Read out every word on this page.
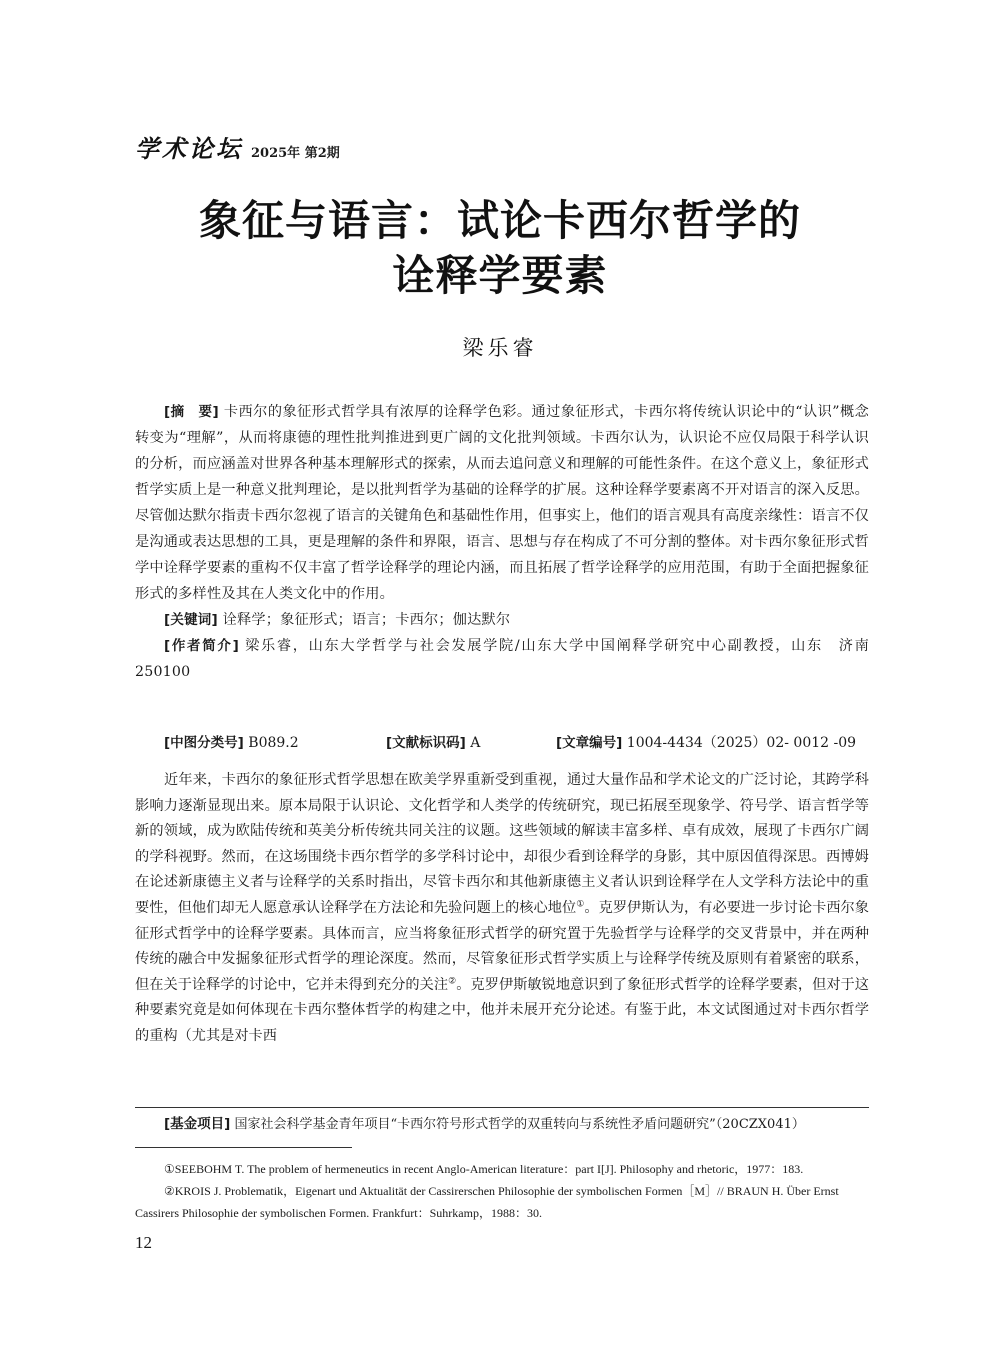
学术论坛 2025年 第2期
象征与语言：试论卡西尔哲学的
诠释学要素
梁乐睿

[摘　要] 卡西尔的象征形式哲学具有浓厚的诠释学色彩。通过象征形式，卡西尔将传统认识论中的“认识”概念转变为“理解”，从而将康德的理性批判推进到更广阔的文化批判领域。卡西尔认为，认识论不应仅局限于科学认识的分析，而应涵盖对世界各种基本理解形式的探索，从而去追问意义和理解的可能性条件。在这个意义上，象征形式哲学实质上是一种意义批判理论，是以批判哲学为基础的诠释学的扩展。这种诠释学要素离不开对语言的深入反思。尽管伽达默尔指责卡西尔忽视了语言的关键角色和基础性作用，但事实上，他们的语言观具有高度亲缘性：语言不仅是沟通或表达思想的工具，更是理解的条件和界限，语言、思想与存在构成了不可分割的整体。对卡西尔象征形式哲学中诠释学要素的重构不仅丰富了哲学诠释学的理论内涵，而且拓展了哲学诠释学的应用范围，有助于全面把握象征形式的多样性及其在人类文化中的作用。

[关键词] 诠释学；象征形式；语言；卡西尔；伽达默尔

[作者简介] 梁乐睿，山东大学哲学与社会发展学院/山东大学中国阐释学研究中心副教授，山东　济南　250100

[中图分类号] B089.2	[文献标识码] A	[文章编号] 1004-4434（2025）02- 0012 -09

近年来，卡西尔的象征形式哲学思想在欧美学界重新受到重视，通过大量作品和学术论文的广泛讨论，其跨学科影响力逐渐显现出来。原本局限于认识论、文化哲学和人类学的传统研究，现已拓展至现象学、符号学、语言哲学等新的领域，成为欧陆传统和英美分析传统共同关注的议题。这些领域的解读丰富多样、卓有成效，展现了卡西尔广阔的学科视野。然而，在这场围绕卡西尔哲学的多学科讨论中，却很少看到诠释学的身影，其中原因值得深思。西博姆在论述新康德主义者与诠释学的关系时指出，尽管卡西尔和其他新康德主义者认识到诠释学在人文学科方法论中的重要性，但他们却无人愿意承认诠释学在方法论和先验问题上的核心地位①。克罗伊斯认为，有必要进一步讨论卡西尔象征形式哲学中的诠释学要素。具体而言，应当将象征形式哲学的研究置于先验哲学与诠释学的交叉背景中，并在两种传统的融合中发掘象征形式哲学的理论深度。然而，尽管象征形式哲学实质上与诠释学传统及原则有着紧密的联系，但在关于诠释学的讨论中，它并未得到充分的关注②。克罗伊斯敏锐地意识到了象征形式哲学的诠释学要素，但对于这种要素究竟是如何体现在卡西尔整体哲学的构建之中，他并未展开充分论述。有鉴于此，本文试图通过对卡西尔哲学的重构（尤其是对卡西

[基金项目] 国家社会科学基金青年项目“卡西尔符号形式哲学的双重转向与系统性矛盾问题研究”（20CZX041）

①SEEBOHM T. The problem of hermeneutics in recent Anglo-American literature：part I[J]. Philosophy and rhetoric，1977：183.

②KROIS J. Problematik，Eigenart und Aktualität der Cassirerschen Philosophie der symbolischen Formen［M］// BRAUN H. Über Ernst Cassirers Philosophie der symbolischen Formen. Frankfurt：Suhrkamp，1988：30.

12
